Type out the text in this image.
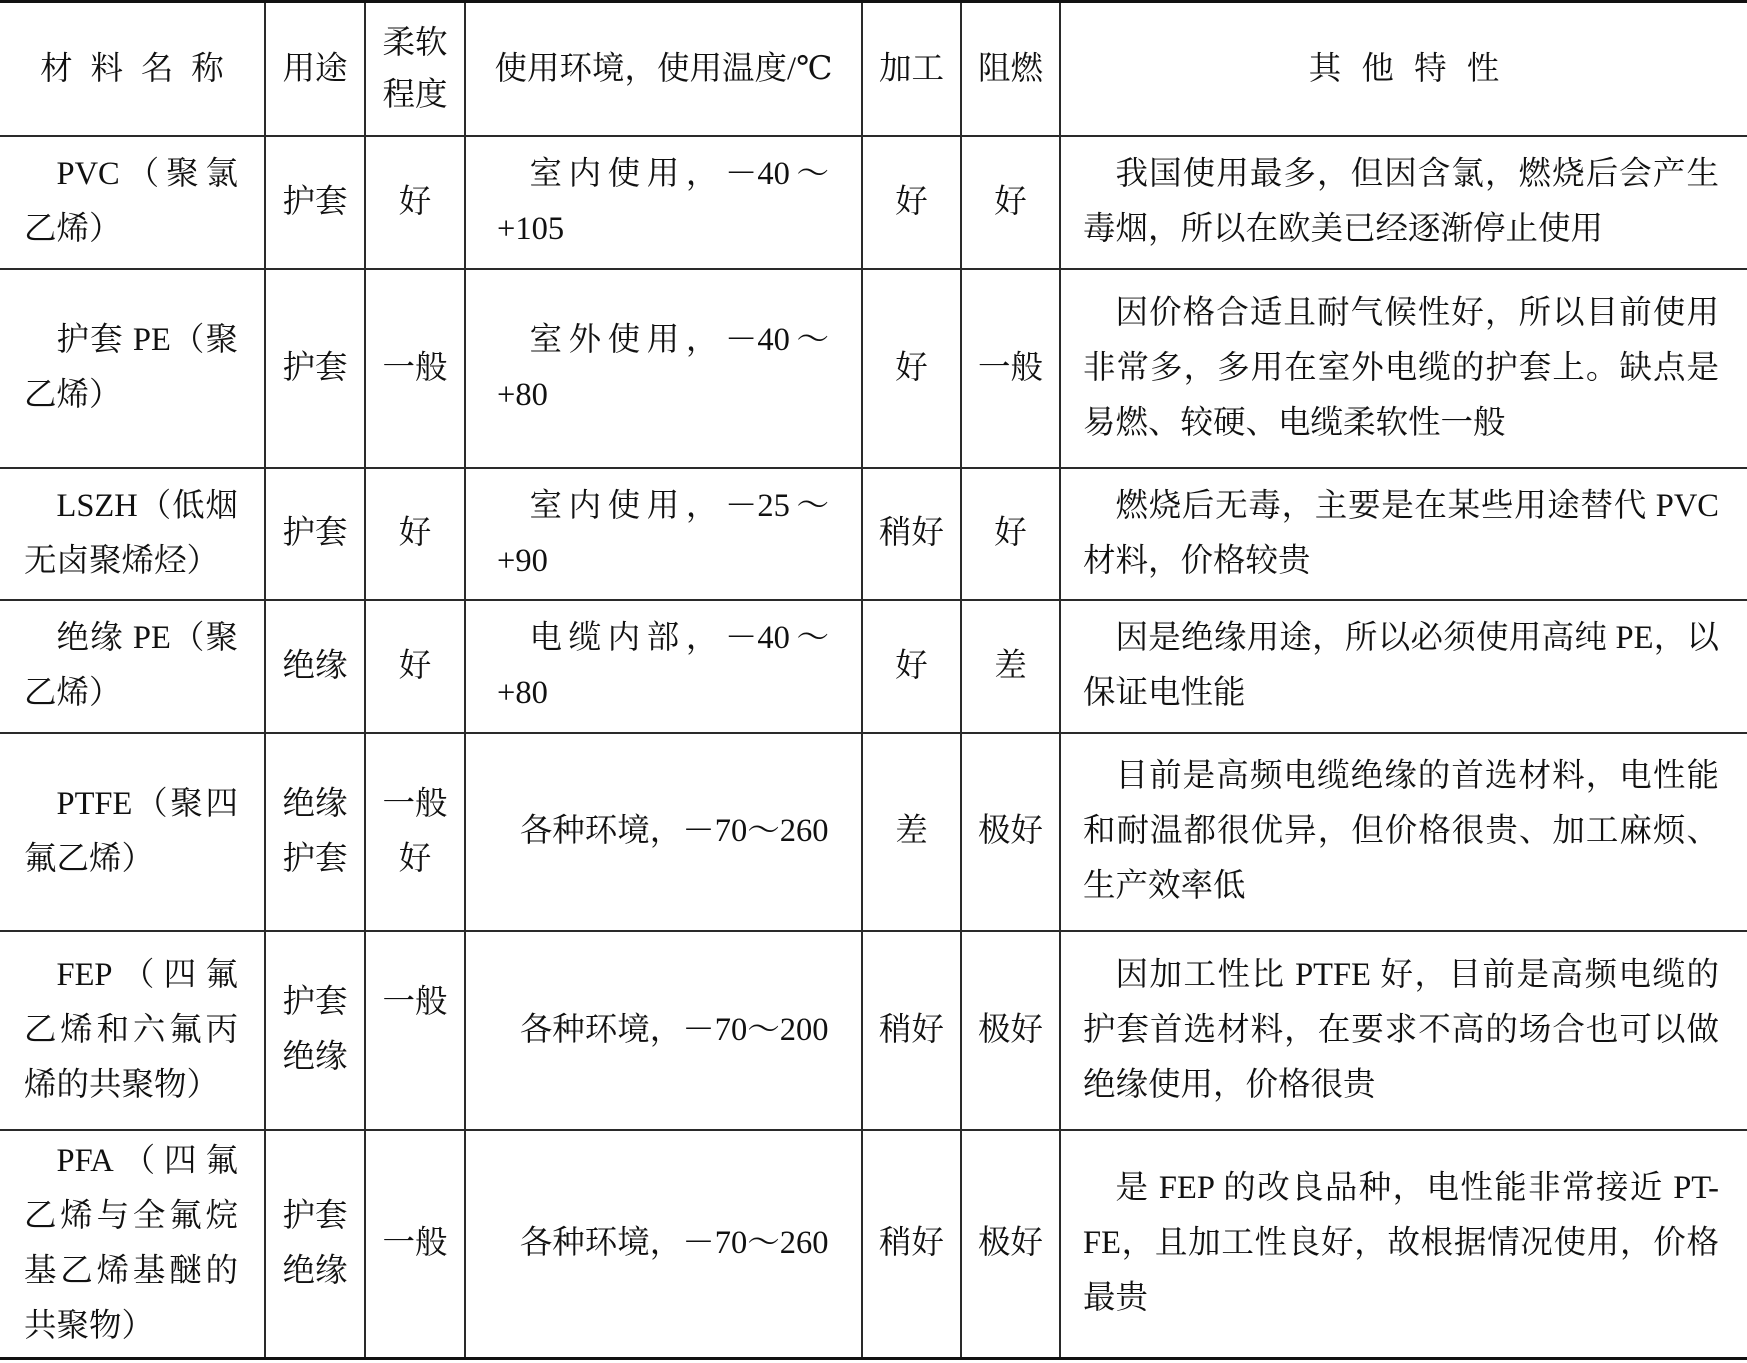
材料名称	用途	柔软程度	使用环境，使用温度/℃	加工	阻燃	其他特性
PVC（聚氯乙烯）	护套	好	室内使用，－40～+105	好	好	我国使用最多，但因含氯，燃烧后会产生毒烟，所以在欧美已经逐渐停止使用
护套 PE（聚乙烯）	护套	一般	室外使用，－40～+80	好	一般	因价格合适且耐气候性好，所以目前使用非常多，多用在室外电缆的护套上。缺点是易燃、较硬、电缆柔软性一般
LSZH（低烟无卤聚烯烃）	护套	好	室内使用，－25～+90	稍好	好	燃烧后无毒，主要是在某些用途替代 PVC 材料，价格较贵
绝缘 PE（聚乙烯）	绝缘	好	电缆内部，－40～+80	好	差	因是绝缘用途，所以必须使用高纯 PE，以保证电性能
PTFE（聚四氟乙烯）	绝缘护套	一般好	各种环境，－70～260	差	极好	目前是高频电缆绝缘的首选材料，电性能和耐温都很优异，但价格很贵、加工麻烦、生产效率低
FEP（四氟乙烯和六氟丙烯的共聚物）	护套绝缘	一般	各种环境，－70～200	稍好	极好	因加工性比 PTFE 好，目前是高频电缆的护套首选材料，在要求不高的场合也可以做绝缘使用，价格很贵
PFA（四氟乙烯与全氟烷基乙烯基醚的共聚物）	护套绝缘	一般	各种环境，－70～260	稍好	极好	是 FEP 的改良品种，电性能非常接近 PT-FE，且加工性良好，故根据情况使用，价格最贵
